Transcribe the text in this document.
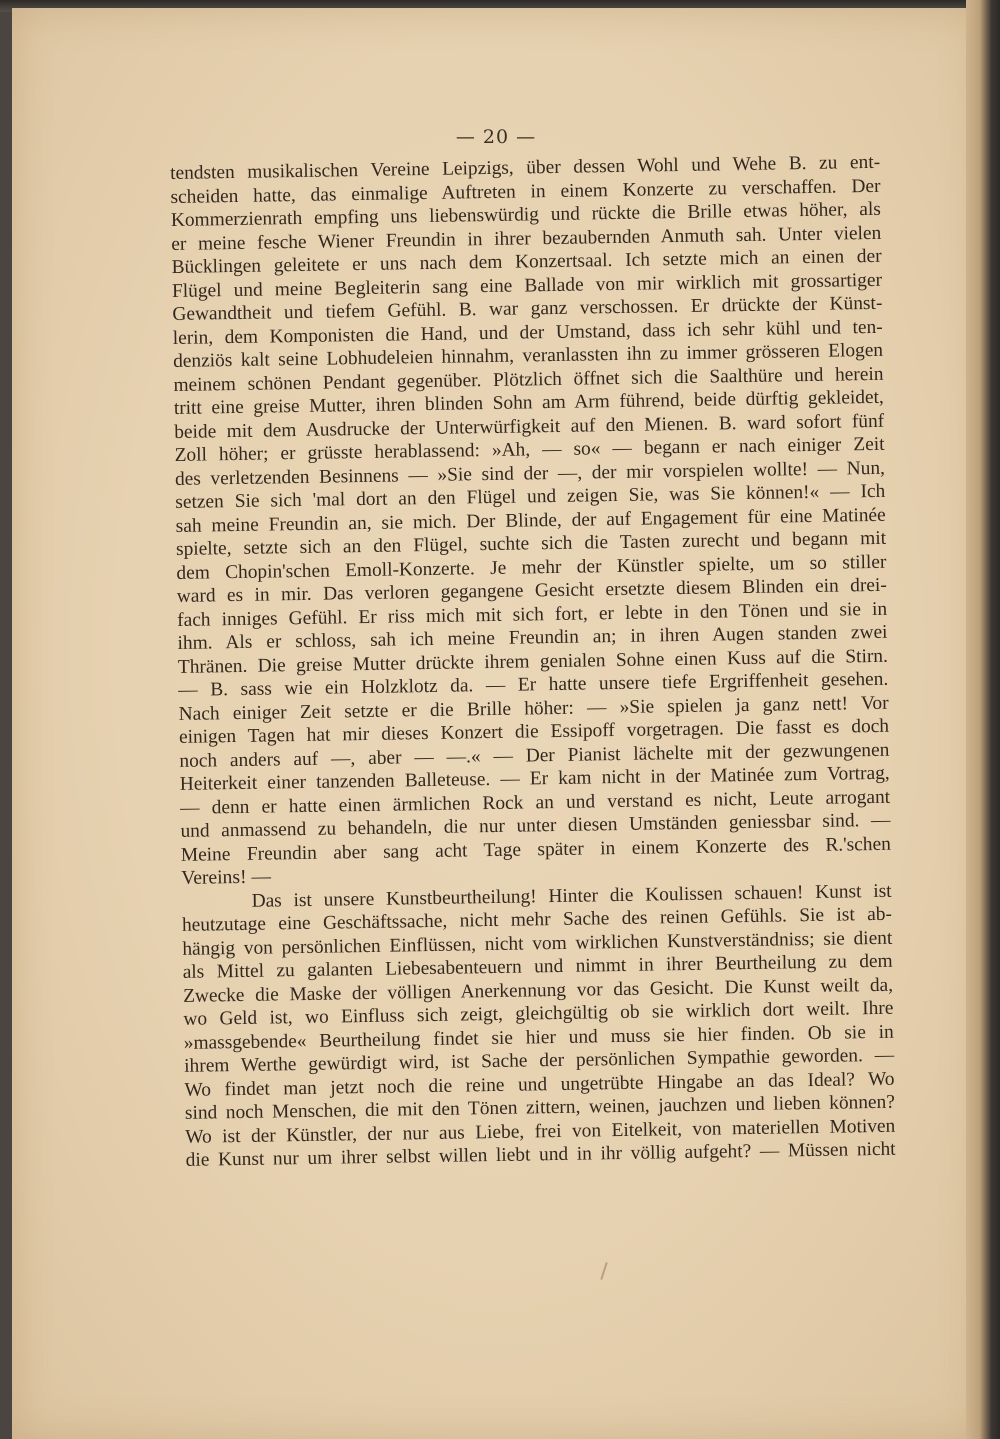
— 20 —
tendsten musikalischen Vereine Leipzigs, über dessen Wohl und Wehe B. zu ent-
scheiden hatte, das einmalige Auftreten in einem Konzerte zu verschaffen. Der
Kommerzienrath empfing uns liebenswürdig und rückte die Brille etwas höher, als
er meine fesche Wiener Freundin in ihrer bezaubernden Anmuth sah. Unter vielen
Bücklingen geleitete er uns nach dem Konzertsaal. Ich setzte mich an einen der
Flügel und meine Begleiterin sang eine Ballade von mir wirklich mit grossartiger
Gewandtheit und tiefem Gefühl. B. war ganz verschossen. Er drückte der Künst-
lerin, dem Komponisten die Hand, und der Umstand, dass ich sehr kühl und ten-
denziös kalt seine Lobhudeleien hinnahm, veranlassten ihn zu immer grösseren Elogen
meinem schönen Pendant gegenüber. Plötzlich öffnet sich die Saalthüre und herein
tritt eine greise Mutter, ihren blinden Sohn am Arm führend, beide dürftig gekleidet,
beide mit dem Ausdrucke der Unterwürfigkeit auf den Mienen. B. ward sofort fünf
Zoll höher; er grüsste herablassend: »Ah, — so« — begann er nach einiger Zeit
des verletzenden Besinnens — »Sie sind der —, der mir vorspielen wollte! — Nun,
setzen Sie sich 'mal dort an den Flügel und zeigen Sie, was Sie können!« — Ich
sah meine Freundin an, sie mich. Der Blinde, der auf Engagement für eine Matinée
spielte, setzte sich an den Flügel, suchte sich die Tasten zurecht und begann mit
dem Chopin'schen Emoll-Konzerte. Je mehr der Künstler spielte, um so stiller
ward es in mir. Das verloren gegangene Gesicht ersetzte diesem Blinden ein drei-
fach inniges Gefühl. Er riss mich mit sich fort, er lebte in den Tönen und sie in
ihm. Als er schloss, sah ich meine Freundin an; in ihren Augen standen zwei
Thränen. Die greise Mutter drückte ihrem genialen Sohne einen Kuss auf die Stirn.
— B. sass wie ein Holzklotz da. — Er hatte unsere tiefe Ergriffenheit gesehen.
Nach einiger Zeit setzte er die Brille höher: — »Sie spielen ja ganz nett! Vor
einigen Tagen hat mir dieses Konzert die Essipoff vorgetragen. Die fasst es doch
noch anders auf —, aber — —.« — Der Pianist lächelte mit der gezwungenen
Heiterkeit einer tanzenden Balleteuse. — Er kam nicht in der Matinée zum Vortrag,
— denn er hatte einen ärmlichen Rock an und verstand es nicht, Leute arrogant
und anmassend zu behandeln, die nur unter diesen Umständen geniessbar sind. —
Meine Freundin aber sang acht Tage später in einem Konzerte des R.'schen
Vereins! —
Das ist unsere Kunstbeurtheilung! Hinter die Koulissen schauen! Kunst ist
heutzutage eine Geschäftssache, nicht mehr Sache des reinen Gefühls. Sie ist ab-
hängig von persönlichen Einflüssen, nicht vom wirklichen Kunstverständniss; sie dient
als Mittel zu galanten Liebesabenteuern und nimmt in ihrer Beurtheilung zu dem
Zwecke die Maske der völligen Anerkennung vor das Gesicht. Die Kunst weilt da,
wo Geld ist, wo Einfluss sich zeigt, gleichgültig ob sie wirklich dort weilt. Ihre
»massgebende« Beurtheilung findet sie hier und muss sie hier finden. Ob sie in
ihrem Werthe gewürdigt wird, ist Sache der persönlichen Sympathie geworden. —
Wo findet man jetzt noch die reine und ungetrübte Hingabe an das Ideal? Wo
sind noch Menschen, die mit den Tönen zittern, weinen, jauchzen und lieben können?
Wo ist der Künstler, der nur aus Liebe, frei von Eitelkeit, von materiellen Motiven
die Kunst nur um ihrer selbst willen liebt und in ihr völlig aufgeht? — Müssen nicht
